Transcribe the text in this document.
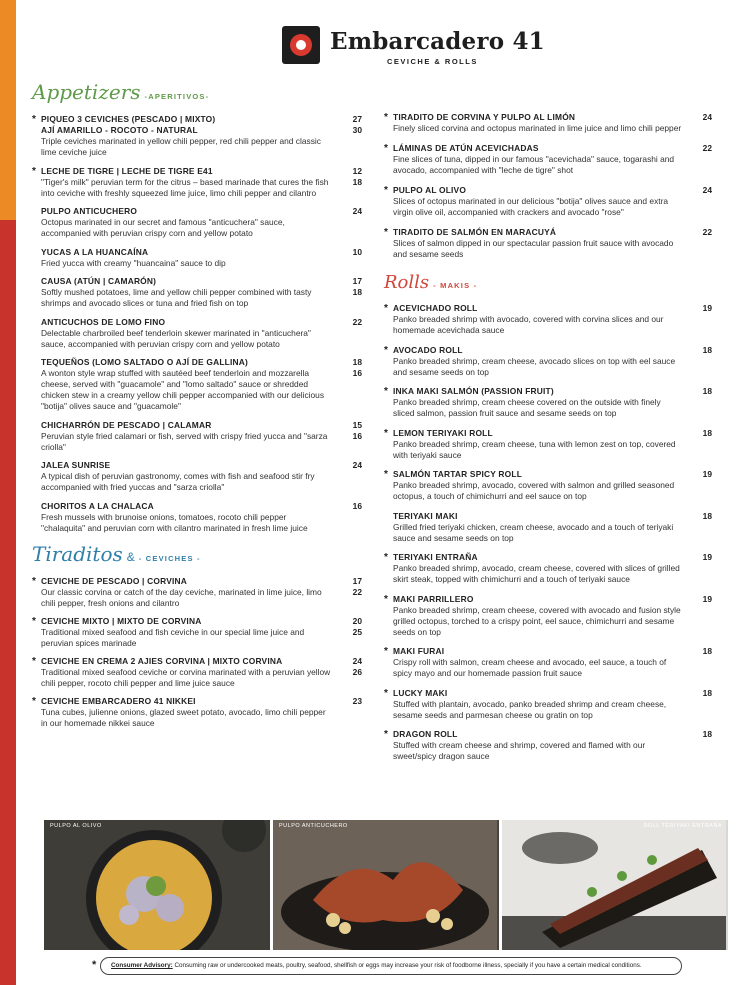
Embarcadero 41
CEVICHE & ROLLS
Appetizers -APERITIVOS-
* PIQUEO 3 CEVICHES (PESCADO | MIXTO)
AJÍ AMARILLO - ROCOTO - NATURAL
27
30
Triple ceviches marinated in yellow chili pepper, red chili pepper and classic lime ceviche juice
* LECHE DE TIGRE | LECHE DE TIGRE E41	12
18
"Tiger's milk" peruvian term for the citrus – based marinade that cures the fish into ceviche with freshly squeezed lime juice, limo chili pepper and cilantro
PULPO ANTICUCHERO	24
Octopus marinated in our secret and famous "anticuchera" sauce, accompanied with peruvian crispy corn and yellow potato
YUCAS A LA HUANCAÍNA	10
Fried yucca with creamy "huancaina" sauce to dip
CAUSA (ATÚN | CAMARÓN)	17
18
Softly mushed potatoes, lime and yellow chili pepper combined with tasty shrimps and avocado slices or tuna and fried fish on top
ANTICUCHOS DE LOMO FINO	22
Delectable charbroiled beef tenderloin skewer marinated in "anticuchera" sauce, accompanied with peruvian crispy corn and yellow potato
TEQUEÑOS (LOMO SALTADO O AJÍ DE GALLINA)	18
16
A wonton style wrap stuffed with sautéed beef tenderloin and mozzarella cheese, served with "guacamole" and "lomo saltado" sauce or shredded chicken stew in a creamy yellow chili pepper accompanied with our delicious "botija" olives sauce and "guacamole"
CHICHARRÓN DE PESCADO | CALAMAR	15
16
Peruvian style fried calamari or fish, served with crispy fried yucca and "sarza criolla"
JALEA SUNRISE	24
A typical dish of peruvian gastronomy, comes with fish and seafood stir fry accompanied with fried yuccas and "sarza criolla"
CHORITOS A LA CHALACA	16
Fresh mussels with brunoise onions, tomatoes, rocoto chili pepper "chalaquita" and peruvian corn with cilantro marinated in fresh lime juice
Tiraditos & - CEVICHES -
* CEVICHE DE PESCADO | CORVINA	17
22
Our classic corvina or catch of the day ceviche, marinated in lime juice, limo chili pepper, fresh onions and cilantro
* CEVICHE MIXTO | MIXTO DE CORVINA	20
25
Traditional mixed seafood and fish ceviche in our special lime juice and peruvian spices marinade
* CEVICHE EN CREMA 2 AJIES CORVINA | MIXTO CORVINA	24
26
Traditional mixed seafood ceviche or corvina marinated with a peruvian yellow chili pepper, rocoto chili pepper and lime juice sauce
* CEVICHE EMBARCADERO 41 NIKKEI	23
Tuna cubes, julienne onions, glazed sweet potato, avocado, limo chili pepper in our homemade nikkei sauce
* TIRADITO DE CORVINA Y PULPO AL LIMÓN	24
Finely sliced corvina and octopus marinated in lime juice and limo chili pepper
* LÁMINAS DE ATÚN ACEVICHADAS	22
Fine slices of tuna, dipped in our famous "acevichada" sauce, togarashi and avocado, accompanied with "leche de tigre" shot
* PULPO AL OLIVO	24
Slices of octopus marinated in our delicious "botija" olives sauce and extra virgin olive oil, accompanied with crackers and avocado "rose"
* TIRADITO DE SALMÓN EN MARACUYÁ	22
Slices of salmon dipped in our spectacular passion fruit sauce with avocado and sesame seeds
Rolls - MAKIS -
* ACEVICHADO ROLL	19
Panko breaded shrimp with avocado, covered with corvina slices and our homemade acevichada sauce
* AVOCADO ROLL	18
Panko breaded shrimp, cream cheese, avocado slices on top with eel sauce and sesame seeds on top
* INKA MAKI SALMÓN (PASSION FRUIT)	18
Panko breaded shrimp, cream cheese covered on the outside with finely sliced salmon, passion fruit sauce and sesame seeds on top
* LEMON TERIYAKI ROLL	18
Panko breaded shrimp, cream cheese, tuna with lemon zest on top, covered with teriyaki sauce
* SALMÓN TARTAR SPICY ROLL	19
Panko breaded shrimp, avocado, covered with salmon and grilled seasoned octopus, a touch of chimichurri and eel sauce on top
TERIYAKI MAKI	18
Grilled fried teriyaki chicken, cream cheese, avocado and a touch of teriyaki sauce and sesame seeds on top
* TERIYAKI ENTRAÑA	19
Panko breaded shrimp, avocado, cream cheese, covered with slices of grilled skirt steak, topped with chimichurri and a touch of teriyaki sauce
* MAKI PARRILLERO	19
Panko breaded shrimp, cream cheese, covered with avocado and fusion style grilled octopus, torched to a crispy point, eel sauce, chimichurri and sesame seeds on top
* MAKI FURAI	18
Crispy roll with salmon, cream cheese and avocado, eel sauce, a touch of spicy mayo and our homemade passion fruit sauce
* LUCKY MAKI	18
Stuffed with plantain, avocado, panko breaded shrimp and cream cheese, sesame seeds and parmesan cheese ou gratin on top
* DRAGON ROLL	18
Stuffed with cream cheese and shrimp, covered and flamed with our sweet/spicy dragon sauce
PULPO AL OLIVO	PULPO ANTICUCHERO	ROLL TERIYAKI ENTRAÑA
*	Consumer Advisory: Consuming raw or undercooked meats, poultry, seafood, shellfish or eggs may increase your risk of foodborne illness, specially if you have a certain medical conditions.
